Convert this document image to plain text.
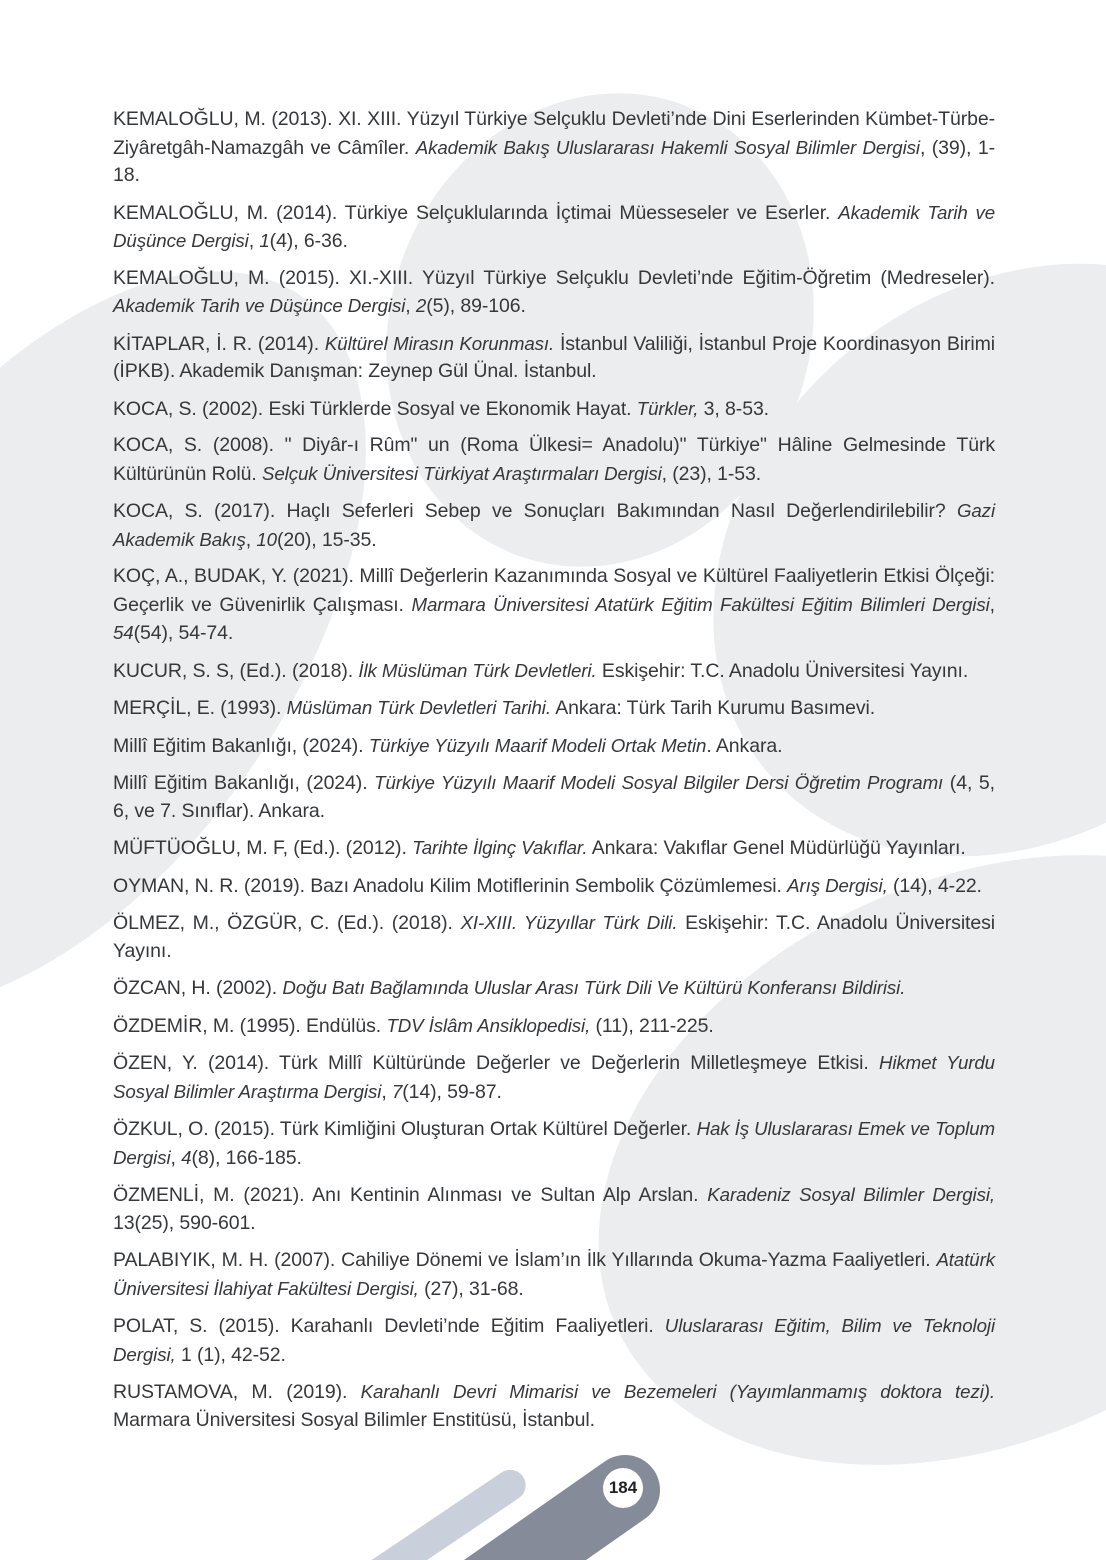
KEMALOĞLU, M. (2013). XI. XIII. Yüzyıl Türkiye Selçuklu Devleti’nde Dini Eserlerinden Kümbet-Türbe-Ziyâretgâh-Namazgâh ve Câmîler. Akademik Bakış Uluslararası Hakemli Sosyal Bilimler Dergisi, (39), 1-18.

KEMALOĞLU, M. (2014). Türkiye Selçuklularında İçtimai Müesseseler ve Eserler. Akademik Tarih ve Düşünce Dergisi, 1(4), 6-36.

KEMALOĞLU, M. (2015). XI.-XIII. Yüzyıl Türkiye Selçuklu Devleti’nde Eğitim-Öğretim (Medreseler). Akademik Tarih ve Düşünce Dergisi, 2(5), 89-106.

KİTAPLAR, İ. R. (2014). Kültürel Mirasın Korunması. İstanbul Valiliği, İstanbul Proje Koordinasyon Birimi (İPKB). Akademik Danışman: Zeynep Gül Ünal. İstanbul.

KOCA, S. (2002). Eski Türklerde Sosyal ve Ekonomik Hayat. Türkler, 3, 8-53.

KOCA, S. (2008). " Diyâr-ı Rûm" un (Roma Ülkesi= Anadolu)" Türkiye" Hâline Gelmesinde Türk Kültürünün Rolü. Selçuk Üniversitesi Türkiyat Araştırmaları Dergisi, (23), 1-53.

KOCA, S. (2017). Haçlı Seferleri Sebep ve Sonuçları Bakımından Nasıl Değerlendirilebilir? Gazi Akademik Bakış, 10(20), 15-35.

KOÇ, A., BUDAK, Y. (2021). Millî Değerlerin Kazanımında Sosyal ve Kültürel Faaliyetlerin Etkisi Ölçeği: Geçerlik ve Güvenirlik Çalışması. Marmara Üniversitesi Atatürk Eğitim Fakültesi Eğitim Bilimleri Dergisi, 54(54), 54-74.

KUCUR, S. S, (Ed.). (2018). İlk Müslüman Türk Devletleri. Eskişehir: T.C. Anadolu Üniversitesi Yayını.

MERÇİL, E. (1993). Müslüman Türk Devletleri Tarihi. Ankara: Türk Tarih Kurumu Basımevi.

Millî Eğitim Bakanlığı, (2024). Türkiye Yüzyılı Maarif Modeli Ortak Metin. Ankara.

Millî Eğitim Bakanlığı, (2024). Türkiye Yüzyılı Maarif Modeli Sosyal Bilgiler Dersi Öğretim Programı (4, 5, 6, ve 7. Sınıflar). Ankara.

MÜFTÜOĞLU, M. F, (Ed.). (2012). Tarihte İlginç Vakıflar. Ankara: Vakıflar Genel Müdürlüğü Yayınları.

OYMAN, N. R. (2019). Bazı Anadolu Kilim Motiflerinin Sembolik Çözümlemesi. Arış Dergisi, (14), 4-22.

ÖLMEZ, M., ÖZGÜR, C. (Ed.). (2018). XI-XIII. Yüzyıllar Türk Dili. Eskişehir: T.C. Anadolu Üniversitesi Yayını.

ÖZCAN, H. (2002). Doğu Batı Bağlamında Uluslar Arası Türk Dili Ve Kültürü Konferansı Bildirisi.

ÖZDEMİR, M. (1995). Endülüs. TDV İslâm Ansiklopedisi, (11), 211-225.

ÖZEN, Y. (2014). Türk Millî Kültüründe Değerler ve Değerlerin Milletleşmeye Etkisi. Hikmet Yurdu Sosyal Bilimler Araştırma Dergisi, 7(14), 59-87.

ÖZKUL, O. (2015). Türk Kimliğini Oluşturan Ortak Kültürel Değerler. Hak İş Uluslararası Emek ve Toplum Dergisi, 4(8), 166-185.

ÖZMENLİ, M. (2021). Anı Kentinin Alınması ve Sultan Alp Arslan. Karadeniz Sosyal Bilimler Dergisi, 13(25), 590-601.

PALABIYIK, M. H. (2007). Cahiliye Dönemi ve İslam’ın İlk Yıllarında Okuma-Yazma Faaliyetleri. Atatürk Üniversitesi İlahiyat Fakültesi Dergisi, (27), 31-68.

POLAT, S. (2015). Karahanlı Devleti’nde Eğitim Faaliyetleri. Uluslararası Eğitim, Bilim ve Teknoloji Dergisi, 1 (1), 42-52.

RUSTAMOVA, M. (2019). Karahanlı Devri Mimarisi ve Bezemeleri (Yayımlanmamış doktora tezi). Marmara Üniversitesi Sosyal Bilimler Enstitüsü, İstanbul.

184
